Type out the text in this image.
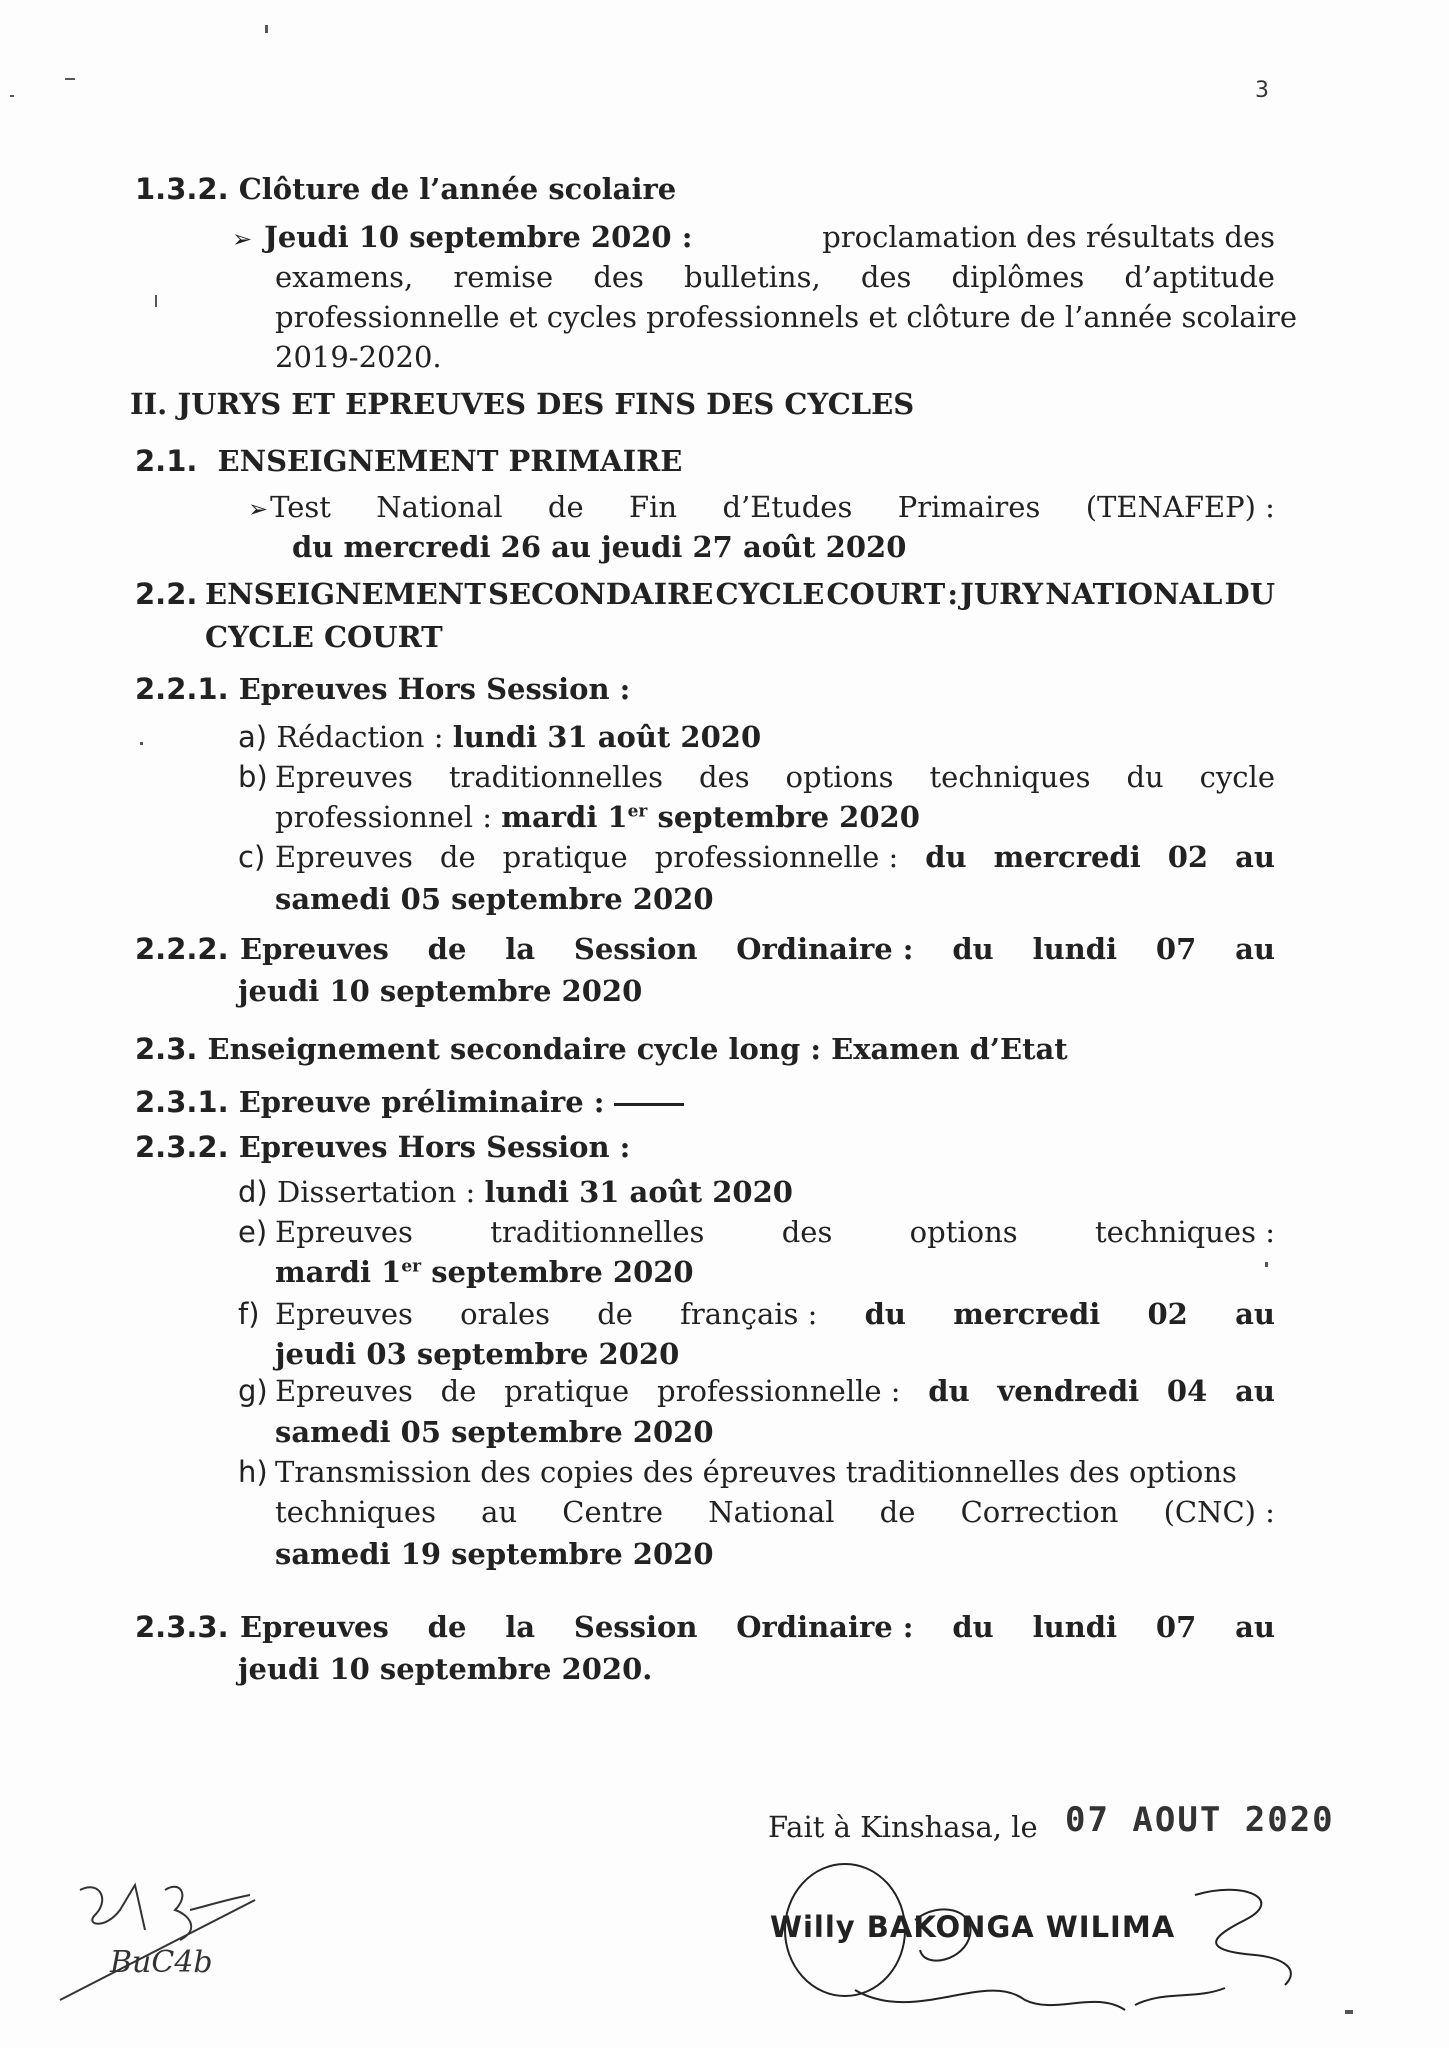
3
1.3.2. Clôture de l’année scolaire
➢ Jeudi 10 septembre 2020 :	proclamation des résultats des
examens, remise des bulletins, des diplômes d’aptitude
professionnelle et cycles professionnels et clôture de l’année scolaire
2019-2020.
II. JURYS ET EPREUVES DES FINS DES CYCLES
2.1. ENSEIGNEMENT PRIMAIRE
➢Test National de Fin d’Etudes Primaires (TENAFEP) :
du mercredi 26 au jeudi 27 août 2020
2.2. ENSEIGNEMENT SECONDAIRE CYCLE COURT : JURY NATIONAL DU
CYCLE COURT
2.2.1. Epreuves Hors Session :
a) Rédaction : lundi 31 août 2020
b) Epreuves traditionnelles des options techniques du cycle
professionnel : mardi 1er septembre 2020
c) Epreuves de pratique professionnelle : du mercredi 02 au
samedi 05 septembre 2020
2.2.2. Epreuves de la Session Ordinaire : du lundi 07 au
jeudi 10 septembre 2020
2.3. Enseignement secondaire cycle long : Examen d’Etat
2.3.1. Epreuve préliminaire :
2.3.2. Epreuves Hors Session :
d) Dissertation : lundi 31 août 2020
e) Epreuves	traditionnelles	des	options	techniques :
mardi 1er septembre 2020
f) Epreuves orales de français : du mercredi 02 au
jeudi 03 septembre 2020
g) Epreuves de pratique professionnelle : du vendredi 04 au
samedi 05 septembre 2020
h) Transmission des copies des épreuves traditionnelles des options
techniques au Centre National de Correction (CNC) :
samedi 19 septembre 2020
2.3.3. Epreuves de la Session Ordinaire : du lundi 07 au
jeudi 10 septembre 2020.
Fait à Kinshasa, le 07 AOUT 2020
Willy BAKONGA WILIMA
BuC4b
